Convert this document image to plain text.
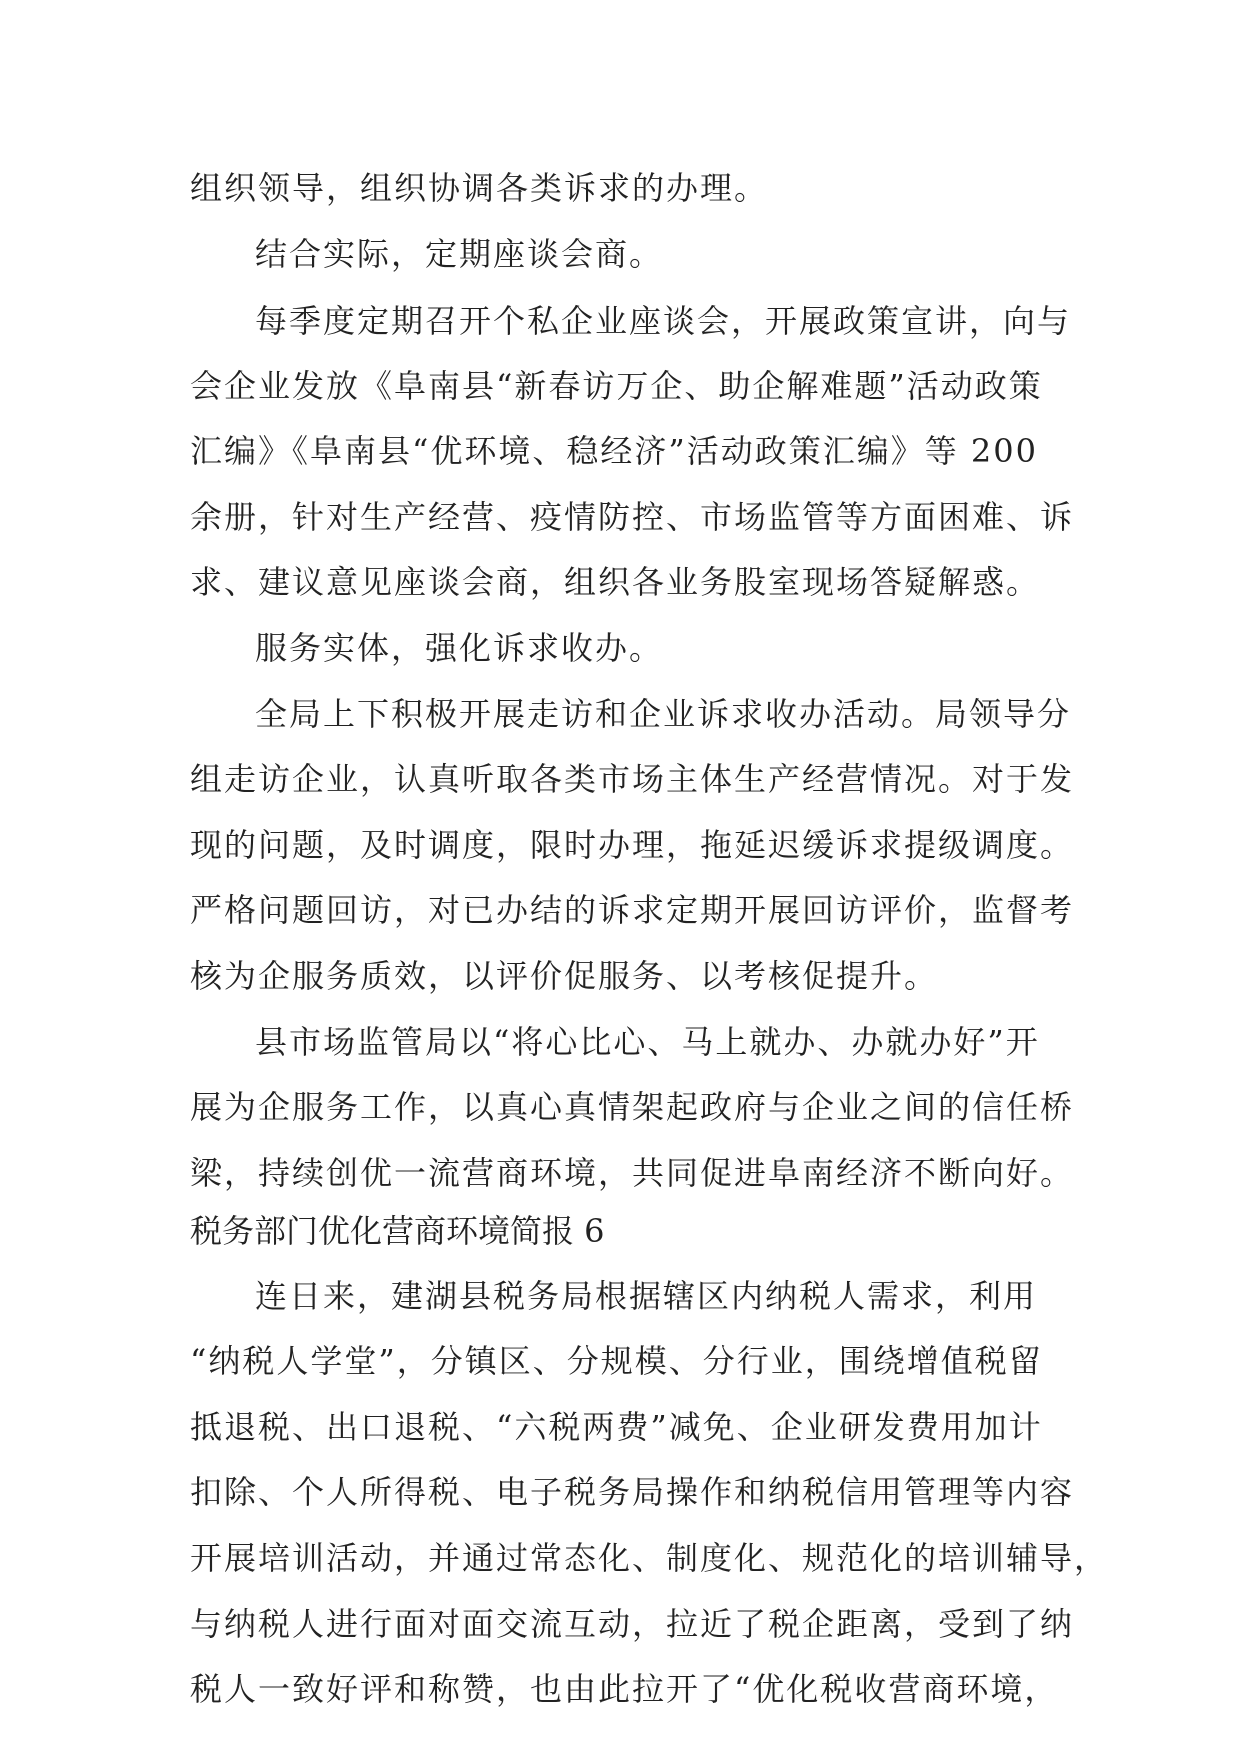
组织领导，组织协调各类诉求的办理。
结合实际，定期座谈会商。
每季度定期召开个私企业座谈会，开展政策宣讲，向与
会企业发放《阜南县“新春访万企、助企解难题”活动政策
汇编》《阜南县“优环境、稳经济”活动政策汇编》等 200
余册，针对生产经营、疫情防控、市场监管等方面困难、诉
求、建议意见座谈会商，组织各业务股室现场答疑解惑。
服务实体，强化诉求收办。
全局上下积极开展走访和企业诉求收办活动。局领导分
组走访企业，认真听取各类市场主体生产经营情况。对于发
现的问题，及时调度，限时办理，拖延迟缓诉求提级调度。
严格问题回访，对已办结的诉求定期开展回访评价，监督考
核为企服务质效，以评价促服务、以考核促提升。
县市场监管局以“将心比心、马上就办、办就办好”开
展为企服务工作，以真心真情架起政府与企业之间的信任桥
梁，持续创优一流营商环境，共同促进阜南经济不断向好。
税务部门优化营商环境简报 6
连日来，建湖县税务局根据辖区内纳税人需求，利用
“纳税人学堂”，分镇区、分规模、分行业，围绕增值税留
抵退税、出口退税、“六税两费”减免、企业研发费用加计
扣除、个人所得税、电子税务局操作和纳税信用管理等内容
开展培训活动，并通过常态化、制度化、规范化的培训辅导，
与纳税人进行面对面交流互动，拉近了税企距离，受到了纳
税人一致好评和称赞，也由此拉开了“优化税收营商环境，
